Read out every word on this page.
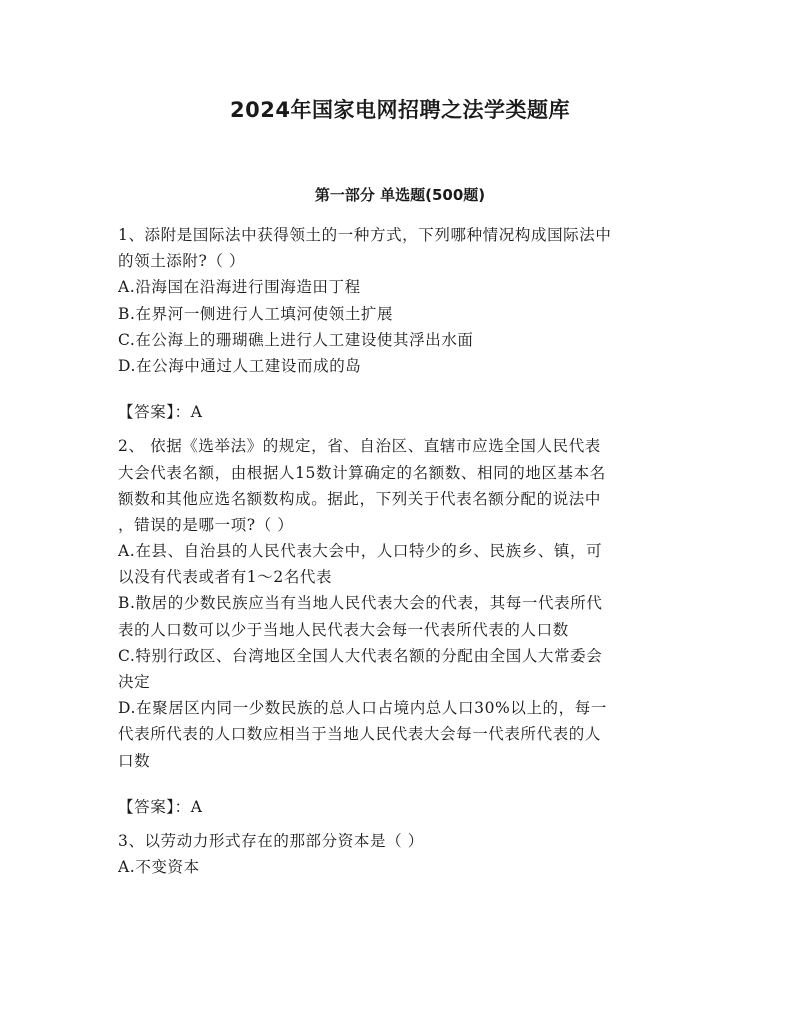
2024年国家电网招聘之法学类题库
第一部分 单选题(500题)
1、添附是国际法中获得领土的一种方式，下列哪种情况构成国际法中
的领土添附?（ ）
A.沿海国在沿海进行围海造田丁程
B.在界河一侧进行人工填河使领土扩展
C.在公海上的珊瑚礁上进行人工建设使其浮出水面
D.在公海中通过人工建设而成的岛
【答案】：A
2、 依据《选举法》的规定，省、自治区、直辖市应选全国人民代表
大会代表名额，由根据人15数计算确定的名额数、相同的地区基本名
额数和其他应选名额数构成。据此，下列关于代表名额分配的说法中
，错误的是哪一项?（ ）
A.在县、自治县的人民代表大会中，人口特少的乡、民族乡、镇，可
以没有代表或者有1～2名代表
B.散居的少数民族应当有当地人民代表大会的代表，其每一代表所代
表的人口数可以少于当地人民代表大会每一代表所代表的人口数
C.特别行政区、台湾地区全国人大代表名额的分配由全国人大常委会
决定
D.在聚居区内同一少数民族的总人口占境内总人口30%以上的，每一
代表所代表的人口数应相当于当地人民代表大会每一代表所代表的人
口数
【答案】：A
3、以劳动力形式存在的那部分资本是（ ）
A.不变资本
